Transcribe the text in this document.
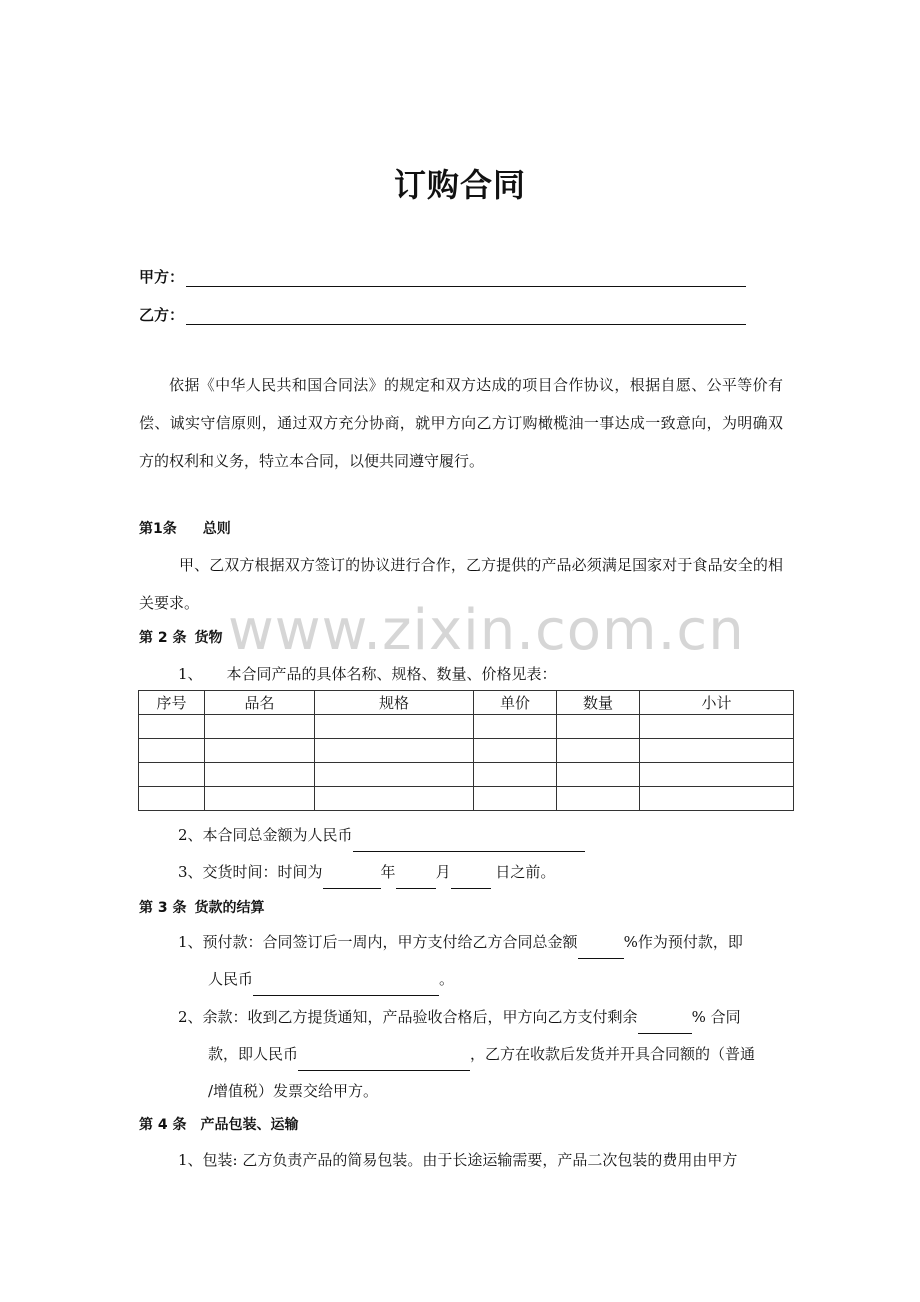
订购合同
甲方：
乙方：
依据《中华人民共和国合同法》的规定和双方达成的项目合作协议，根据自愿、公平等价有偿、诚实守信原则，通过双方充分协商，就甲方向乙方订购橄榄油一事达成一致意向，为明确双方的权利和义务，特立本合同，以便共同遵守履行。
第1条 总则
甲、乙双方根据双方签订的协议进行合作，乙方提供的产品必须满足国家对于食品安全的相关要求。
第 2 条 货物 www.zixin.com.cn
1、 本合同产品的具体名称、规格、数量、价格见表：
序号	品名	规格	单价	数量	小计

2、本合同总金额为人民币
3、交货时间：时间为	年	月	日之前。
第 3 条 货款的结算
1、预付款：合同签订后一周内，甲方支付给乙方合同总金额	%作为预付款，即
人民币	。
2、余款：收到乙方提货通知，产品验收合格后，甲方向乙方支付剩余	% 合同
款，即人民币	，乙方在收款后发货并开具合同额的（普通
/增值税）发票交给甲方。
第 4 条 产品包装、运输
1、包装: 乙方负责产品的简易包装。由于长途运输需要，产品二次包装的费用由甲方
